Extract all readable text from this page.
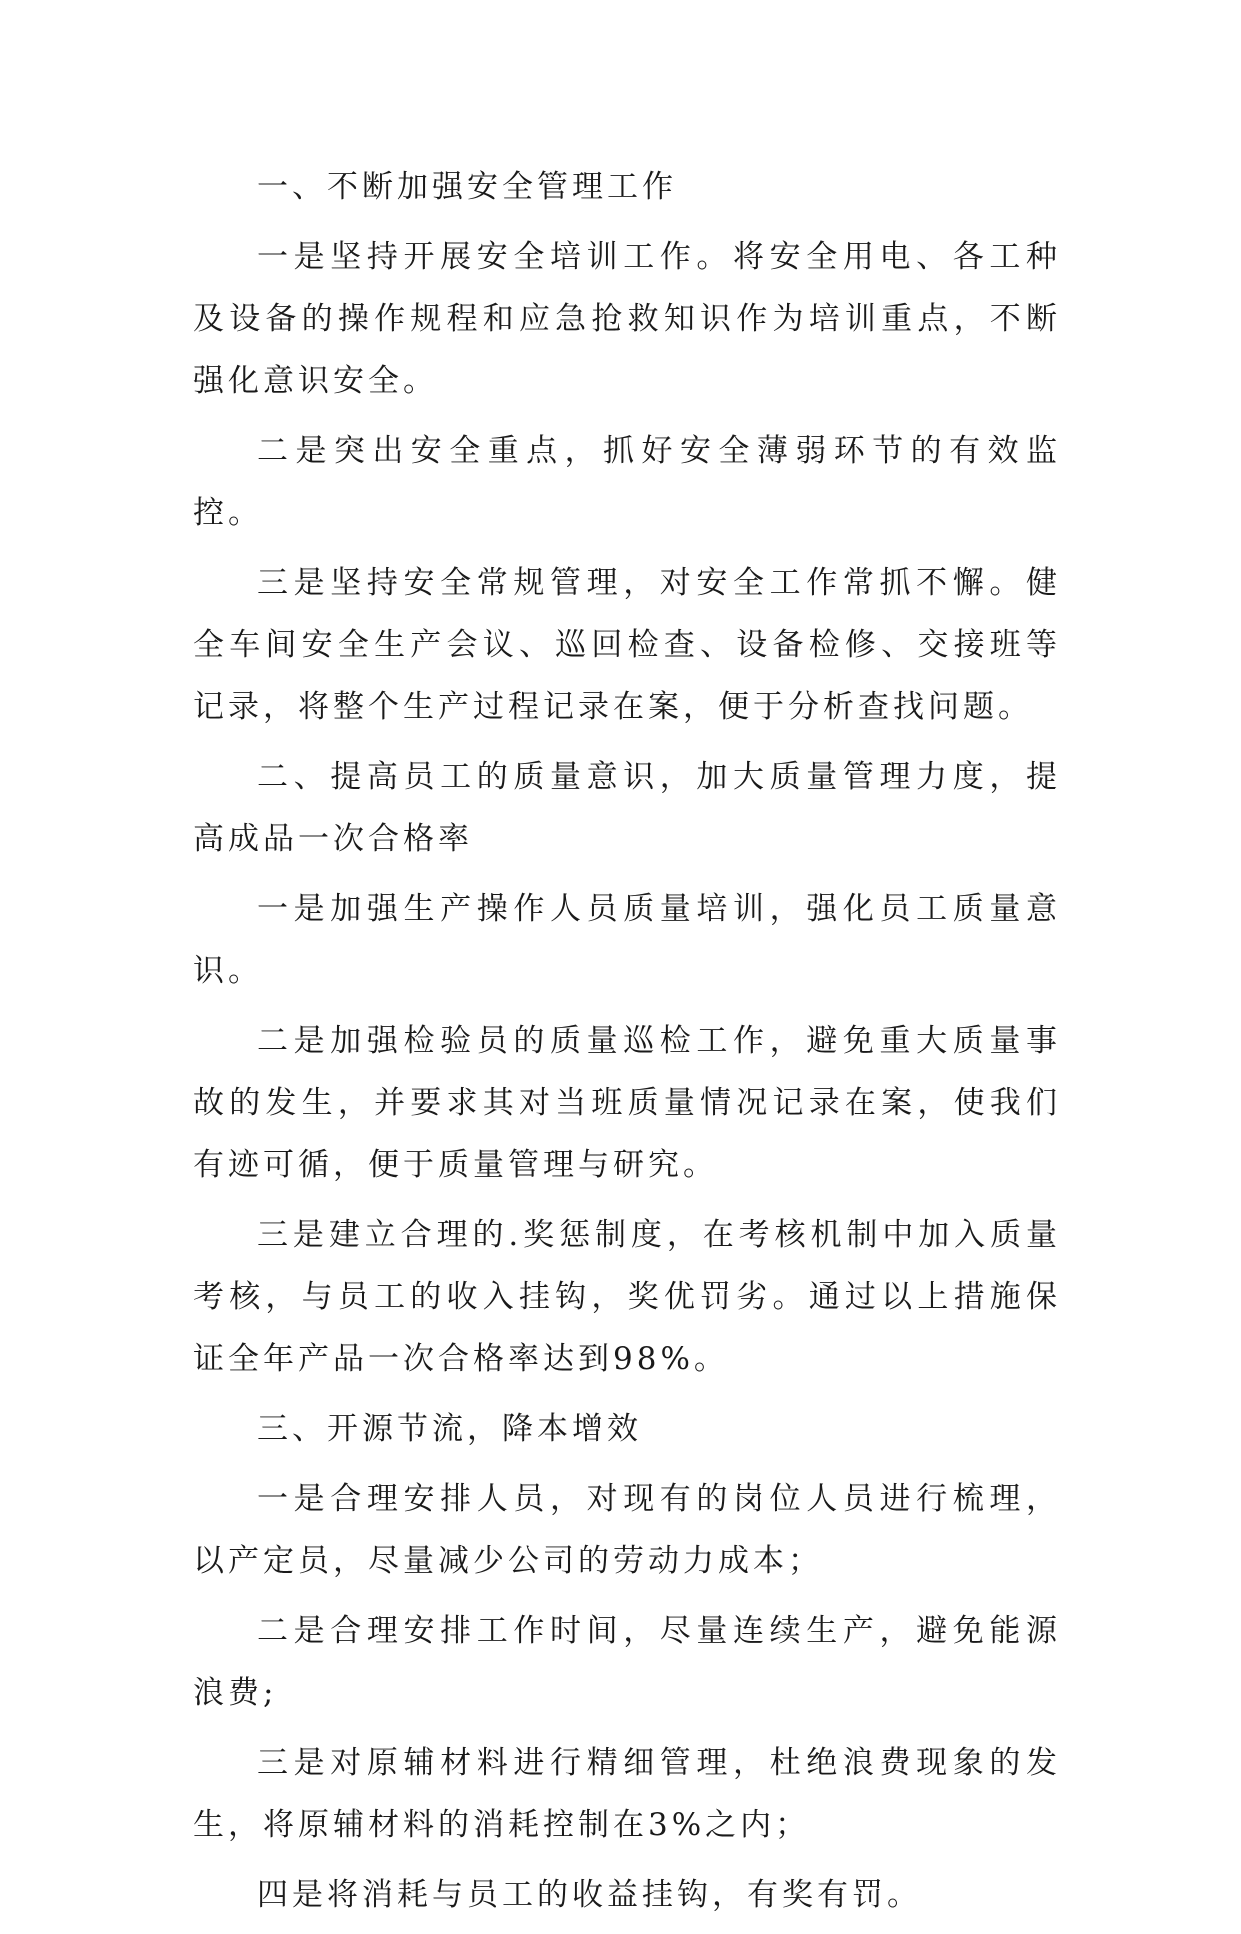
一、不断加强安全管理工作

一是坚持开展安全培训工作。将安全用电、各工种及设备的操作规程和应急抢救知识作为培训重点，不断强化意识安全。

二是突出安全重点，抓好安全薄弱环节的有效监控。

三是坚持安全常规管理，对安全工作常抓不懈。健全车间安全生产会议、巡回检查、设备检修、交接班等记录，将整个生产过程记录在案，便于分析查找问题。

二、提高员工的质量意识，加大质量管理力度，提高成品一次合格率

一是加强生产操作人员质量培训，强化员工质量意识。

二是加强检验员的质量巡检工作，避免重大质量事故的发生，并要求其对当班质量情况记录在案，使我们有迹可循，便于质量管理与研究。

三是建立合理的.奖惩制度，在考核机制中加入质量考核，与员工的收入挂钩，奖优罚劣。通过以上措施保证全年产品一次合格率达到98%。

三、开源节流，降本增效

一是合理安排人员，对现有的岗位人员进行梳理，以产定员，尽量减少公司的劳动力成本；

二是合理安排工作时间，尽量连续生产，避免能源浪费;

三是对原辅材料进行精细管理，杜绝浪费现象的发生，将原辅材料的消耗控制在3%之内；

四是将消耗与员工的收益挂钩，有奖有罚。
